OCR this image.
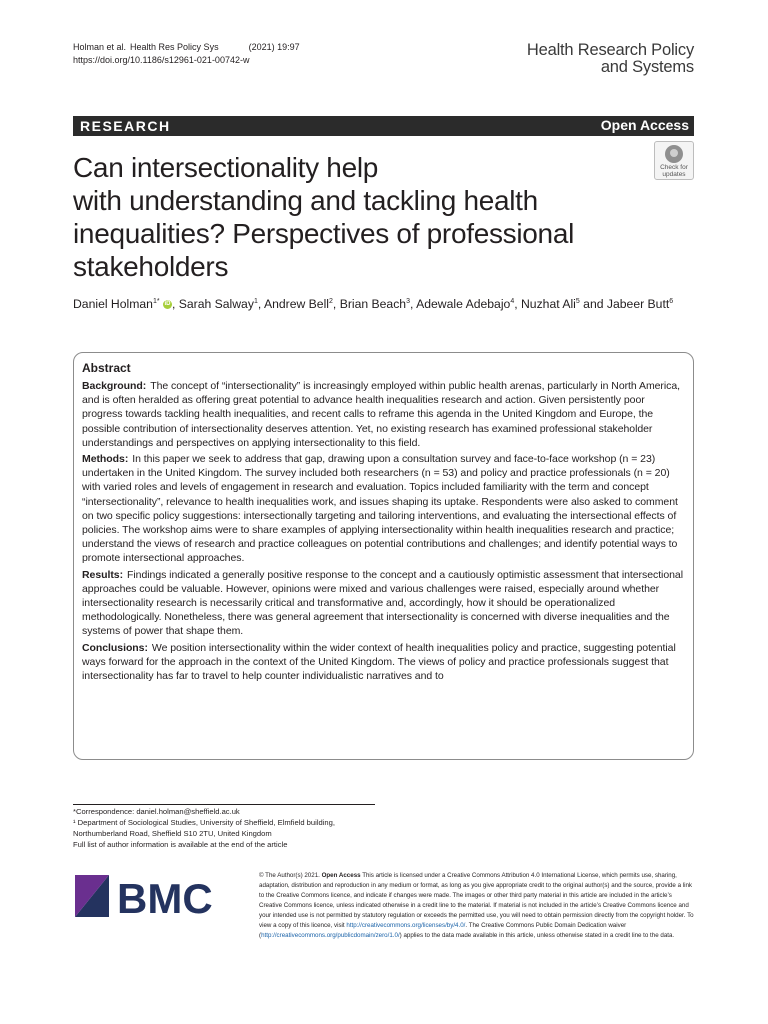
Holman et al. Health Res Policy Sys	(2021) 19:97
https://doi.org/10.1186/s12961-021-00742-w
Health Research Policy
and Systems
RESEARCH	Open Access
Check for
updates
Can intersectionality help
with understanding and tackling health
inequalities? Perspectives of professional
stakeholders
Daniel Holman$^{1*}$ iD , Sarah Salway$^1$, Andrew Bell$^2$, Brian Beach$^3$, Adewale Adebajo$^4$, Nuzhat Ali$^5$ and Jabeer Butt$^6$
Abstract

Background: The concept of “intersectionality” is increasingly employed within public health arenas, particularly in North America, and is often heralded as offering great potential to advance health inequalities research and action. Given persistently poor progress towards tackling health inequalities, and recent calls to reframe this agenda in the United Kingdom and Europe, the possible contribution of intersectionality deserves attention. Yet, no existing research has examined professional stakeholder understandings and perspectives on applying intersectionality to this field.

Methods: In this paper we seek to address that gap, drawing upon a consultation survey and face-to-face workshop (n = 23) undertaken in the United Kingdom. The survey included both researchers (n = 53) and policy and practice professionals (n = 20) with varied roles and levels of engagement in research and evaluation. Topics included familiarity with the term and concept “intersectionality”, relevance to health inequalities work, and issues shaping its uptake. Respondents were also asked to comment on two specific policy suggestions: intersectionally targeting and tailoring interventions, and evaluating the intersectional effects of policies. The workshop aims were to share examples of applying intersectionality within health inequalities research and practice; understand the views of research and practice colleagues on potential contributions and challenges; and identify potential ways to promote intersectional approaches.

Results: Findings indicated a generally positive response to the concept and a cautiously optimistic assessment that intersectional approaches could be valuable. However, opinions were mixed and various challenges were raised, especially around whether intersectionality research is necessarily critical and transformative and, accordingly, how it should be operationalized methodologically. Nonetheless, there was general agreement that intersectionality is concerned with diverse inequalities and the systems of power that shape them.

Conclusions: We position intersectionality within the wider context of health inequalities policy and practice, suggesting potential ways forward for the approach in the context of the United Kingdom. The views of policy and practice professionals suggest that intersectionality has far to travel to help counter individualistic narratives and to

*Correspondence: daniel.holman@sheffield.ac.uk
¹ Department of Sociological Studies, University of Sheffield, Elmfield building, Northumberland Road, Sheffield S10 2TU, United Kingdom
Full list of author information is available at the end of the article
BMC	© The Author(s) 2021. Open Access This article is licensed under a Creative Commons Attribution 4.0 International License, which permits use, sharing, adaptation, distribution and reproduction in any medium or format, as long as you give appropriate credit to the original author(s) and the source, provide a link to the Creative Commons licence, and indicate if changes were made. The images or other third party material in this article are included in the article’s Creative Commons licence, unless indicated otherwise in a credit line to the material. If material is not included in the article’s Creative Commons licence and your intended use is not permitted by statutory regulation or exceeds the permitted use, you will need to obtain permission directly from the copyright holder. To view a copy of this licence, visit http://creativecommons.org/licenses/by/4.0/. The Creative Commons Public Domain Dedication waiver (http://creativecommons.org/publicdomain/zero/1.0/) applies to the data made available in this article, unless otherwise stated in a credit line to the data.
